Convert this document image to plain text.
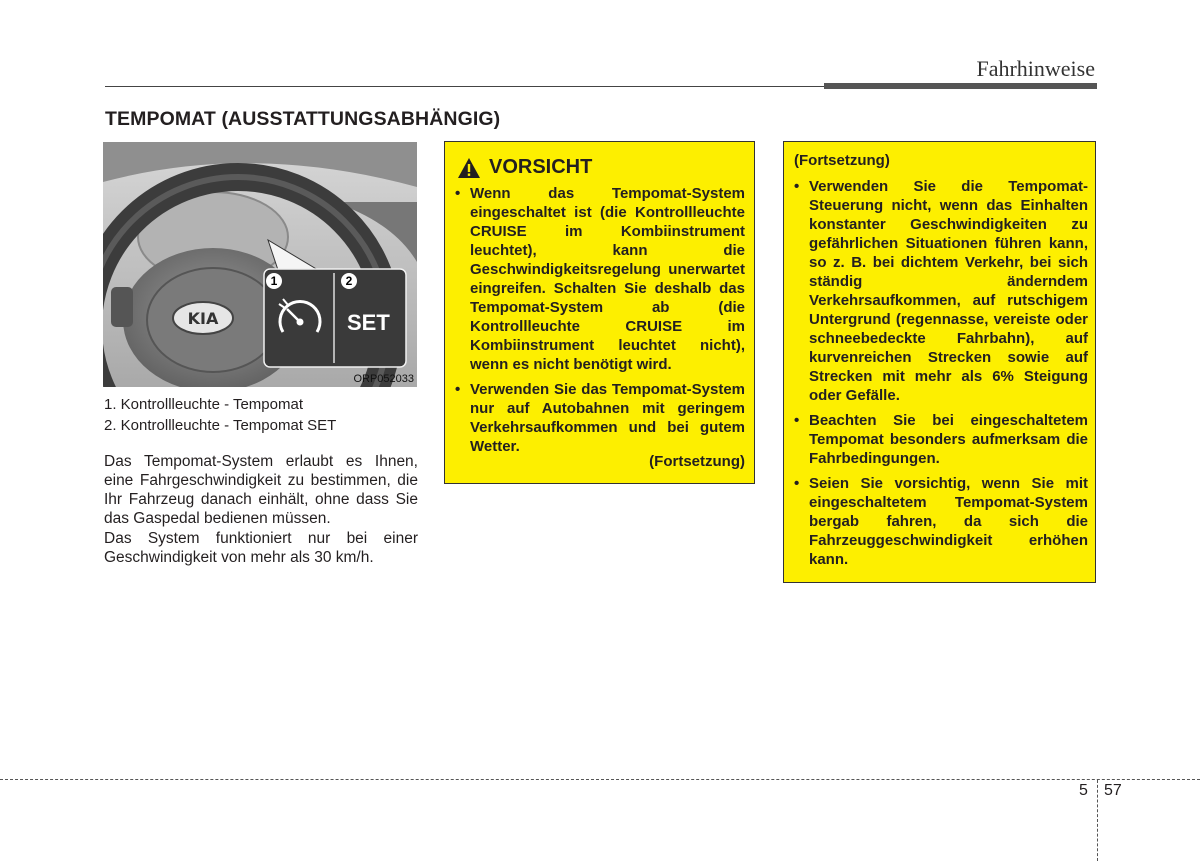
Fahrhinweise
TEMPOMAT (AUSSTATTUNGSABHÄNGIG)
KIA
1	2
SET
ORP052033
1. Kontrollleuchte - Tempomat
2. Kontrollleuchte - Tempomat SET
Das Tempomat-System erlaubt es Ihnen, eine Fahrgeschwindigkeit zu bestimmen, die Ihr Fahrzeug danach einhält, ohne dass Sie das Gaspedal bedienen müssen.
Das System funktioniert nur bei einer Geschwindigkeit von mehr als 30 km/h.
VORSICHT
• Wenn das Tempomat-System eingeschaltet ist (die Kontrollleuchte CRUISE im Kombiinstrument leuchtet), kann die Geschwindigkeitsregelung unerwartet eingreifen. Schalten Sie deshalb das Tempomat-System ab (die Kontrollleuchte CRUISE im Kombiinstrument leuchtet nicht), wenn es nicht benötigt wird.
• Verwenden Sie das Tempomat-System nur auf Autobahnen mit geringem Verkehrsaufkommen und bei gutem Wetter.
(Fortsetzung)
(Fortsetzung)
• Verwenden Sie die Tempomat-Steuerung nicht, wenn das Einhalten konstanter Geschwindigkeiten zu gefährlichen Situationen führen kann, so z. B. bei dichtem Verkehr, bei sich ständig änderndem Verkehrsaufkommen, auf rutschigem Untergrund (regennasse, vereiste oder schneebedeckte Fahrbahn), auf kurvenreichen Strecken sowie auf Strecken mit mehr als 6% Steigung oder Gefälle.
• Beachten Sie bei eingeschaltetem Tempomat besonders aufmerksam die Fahrbedingungen.
• Seien Sie vorsichtig, wenn Sie mit eingeschaltetem Tempomat-System bergab fahren, da sich die Fahrzeuggeschwindigkeit erhöhen kann.
5 57
